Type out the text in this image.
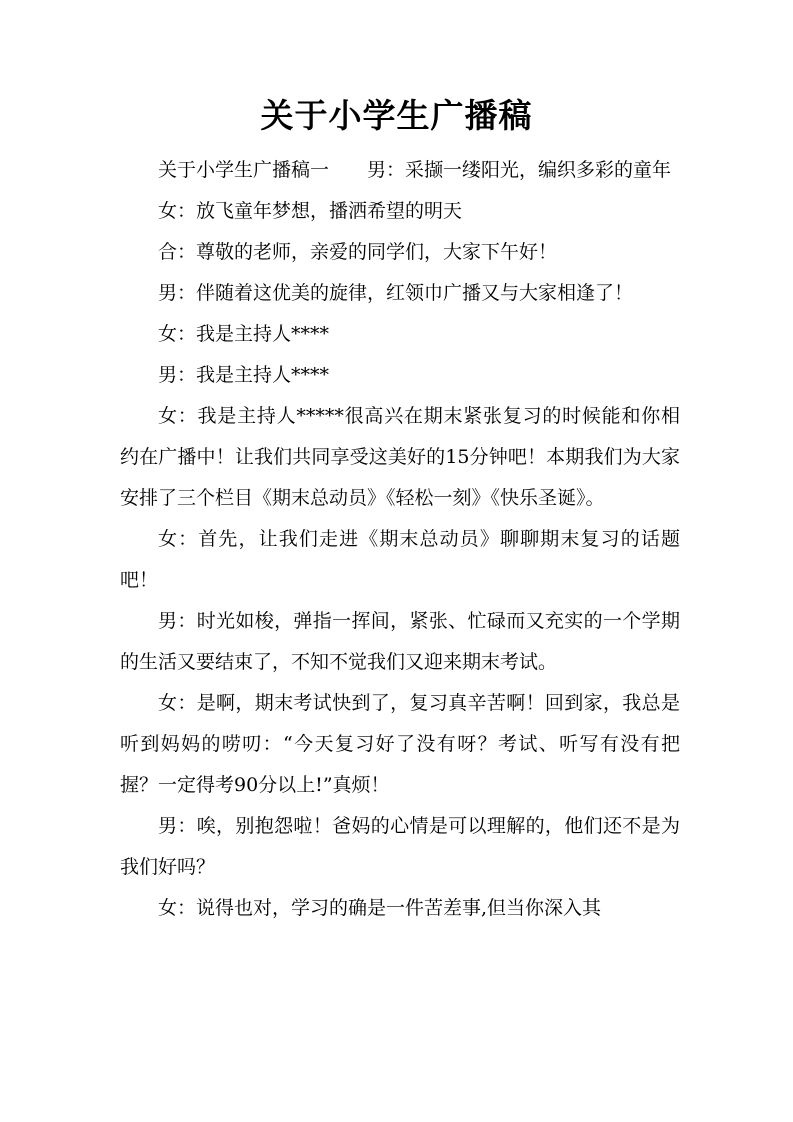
关于小学生广播稿

关于小学生广播稿一　　男：采撷一缕阳光，编织多彩的童年

女：放飞童年梦想，播洒希望的明天

合：尊敬的老师，亲爱的同学们，大家下午好！

男：伴随着这优美的旋律，红领巾广播又与大家相逢了！

女：我是主持人****

男：我是主持人****

女：我是主持人*****很高兴在期末紧张复习的时候能和你相约在广播中！让我们共同享受这美好的15分钟吧！本期我们为大家安排了三个栏目《期末总动员》《轻松一刻》《快乐圣诞》。

女：首先，让我们走进《期末总动员》聊聊期末复习的话题吧！

男：时光如梭，弹指一挥间，紧张、忙碌而又充实的一个学期的生活又要结束了，不知不觉我们又迎来期末考试。

女：是啊，期末考试快到了，复习真辛苦啊！回到家，我总是听到妈妈的唠叨：“今天复习好了没有呀？考试、听写有没有把握？一定得考90分以上!”真烦！

男：唉，别抱怨啦！爸妈的心情是可以理解的，他们还不是为我们好吗？

女：说得也对，学习的确是一件苦差事,但当你深入其
